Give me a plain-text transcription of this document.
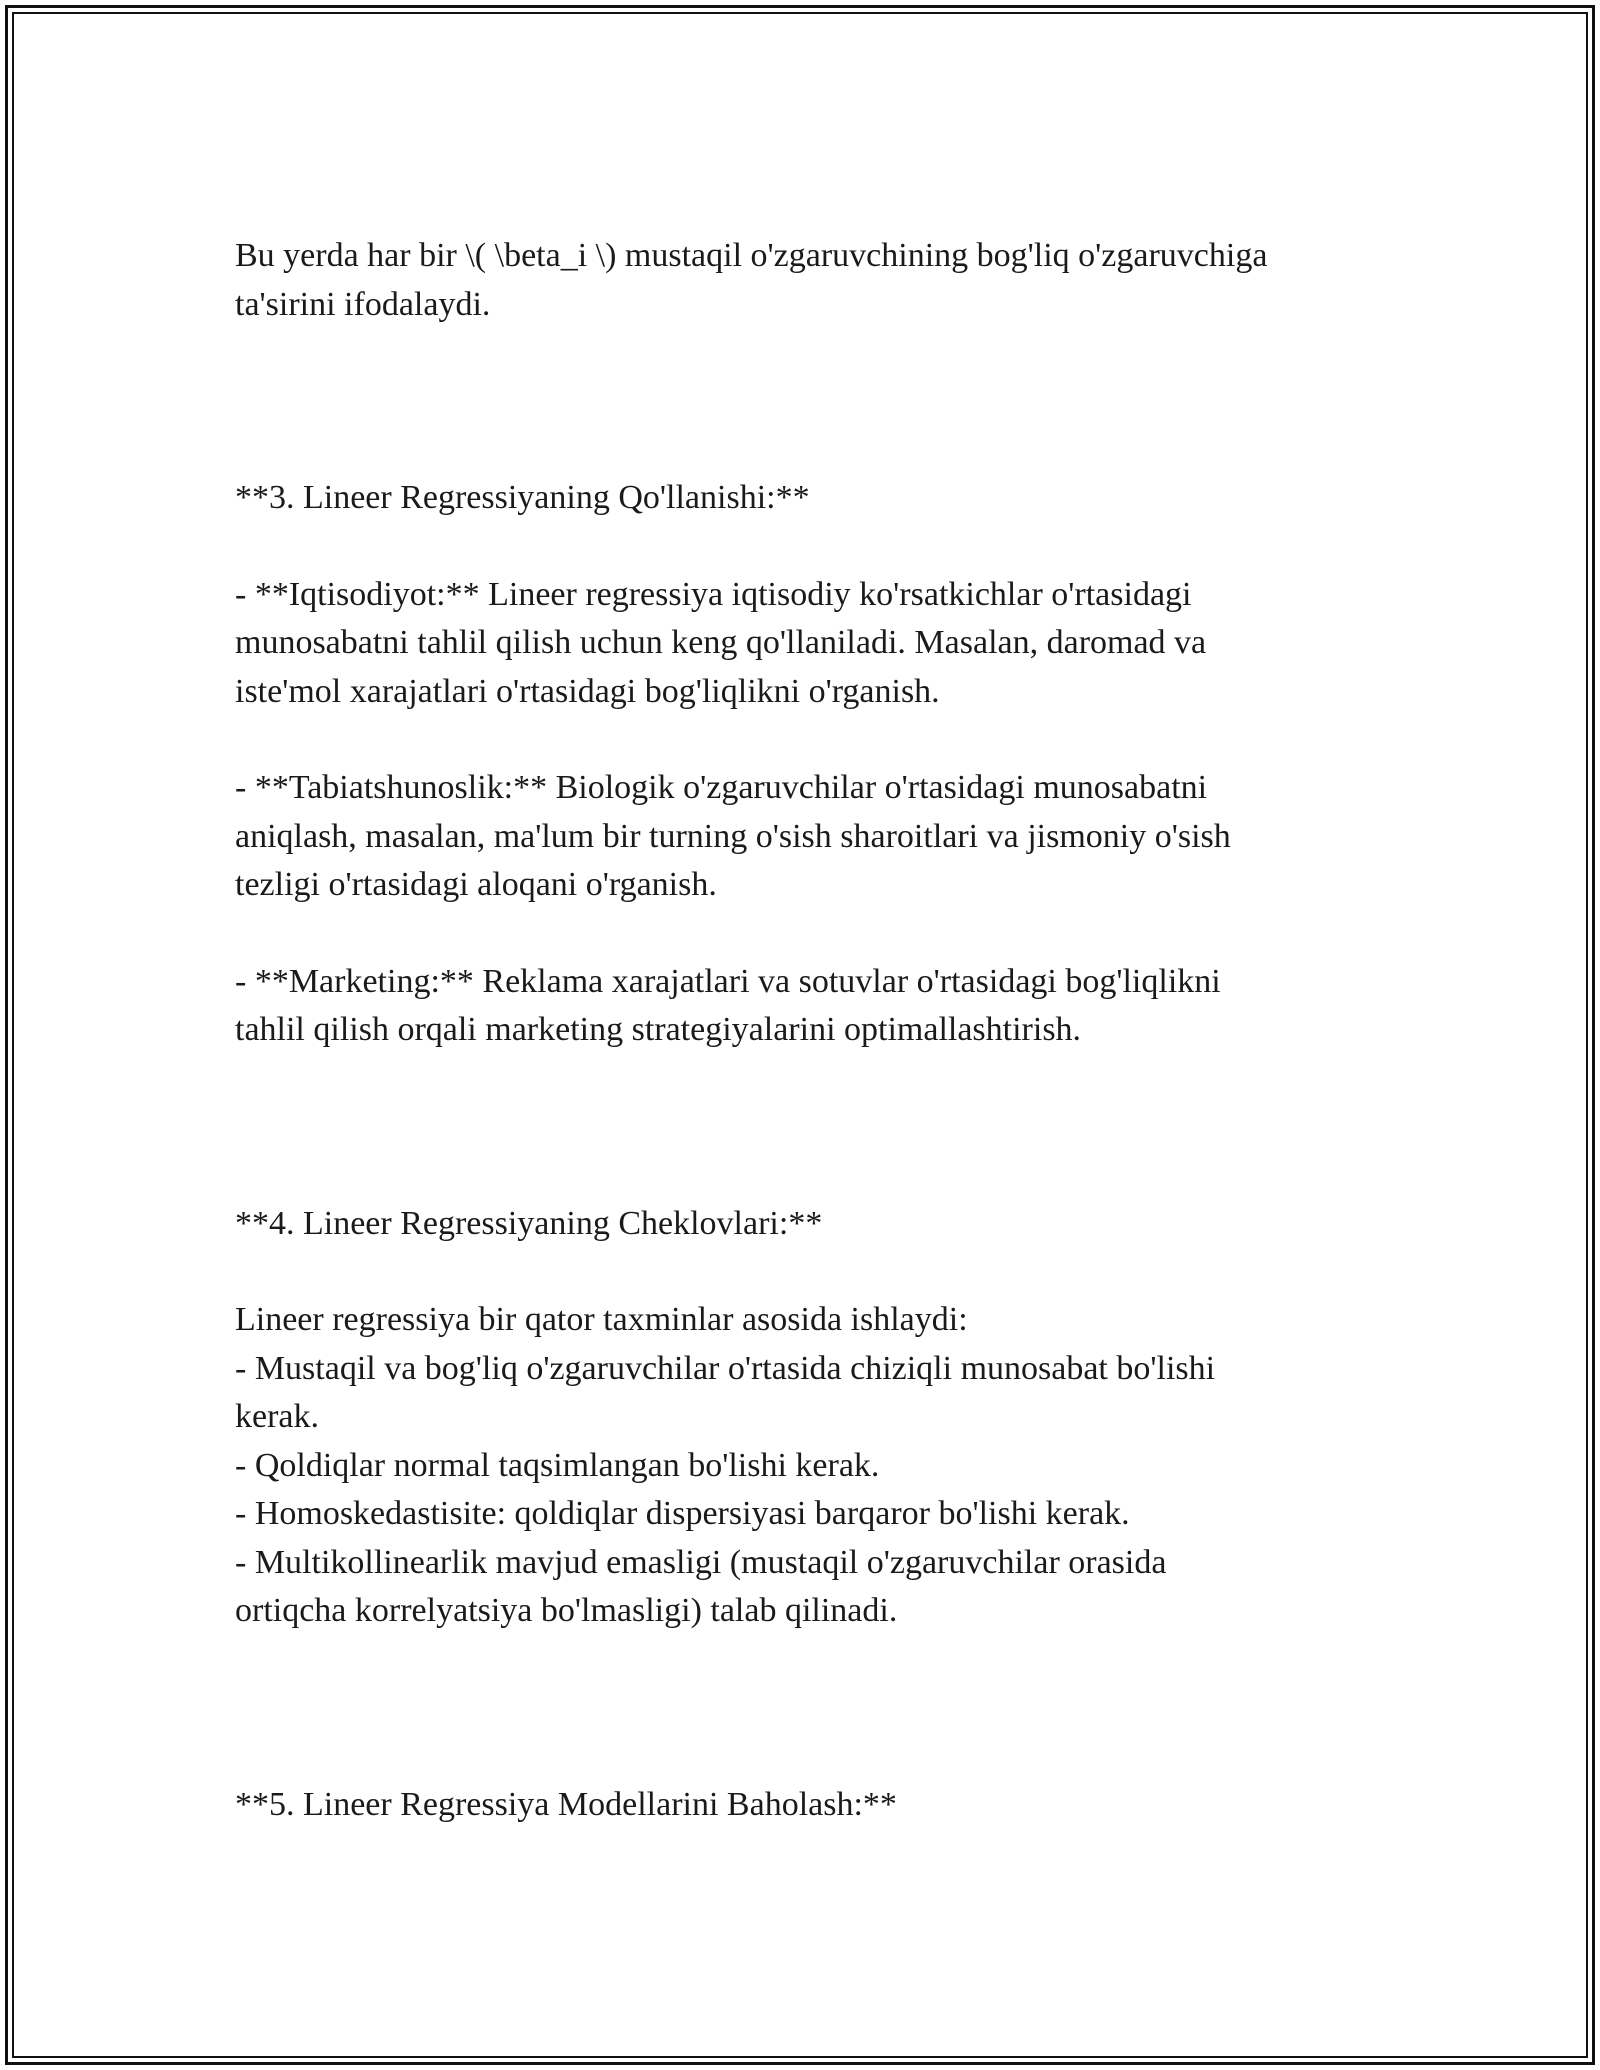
Bu yerda har bir \( \beta_i \) mustaqil o'zgaruvchining bog'liq o'zgaruvchiga
ta'sirini ifodalaydi.

**3. Lineer Regressiyaning Qo'llanishi:**

- **Iqtisodiyot:** Lineer regressiya iqtisodiy ko'rsatkichlar o'rtasidagi
munosabatni tahlil qilish uchun keng qo'llaniladi. Masalan, daromad va
iste'mol xarajatlari o'rtasidagi bog'liqlikni o'rganish.

- **Tabiatshunoslik:** Biologik o'zgaruvchilar o'rtasidagi munosabatni
aniqlash, masalan, ma'lum bir turning o'sish sharoitlari va jismoniy o'sish
tezligi o'rtasidagi aloqani o'rganish.

- **Marketing:** Reklama xarajatlari va sotuvlar o'rtasidagi bog'liqlikni
tahlil qilish orqali marketing strategiyalarini optimallashtirish.

**4. Lineer Regressiyaning Cheklovlari:**

Lineer regressiya bir qator taxminlar asosida ishlaydi:
- Mustaqil va bog'liq o'zgaruvchilar o'rtasida chiziqli munosabat bo'lishi
kerak.
- Qoldiqlar normal taqsimlangan bo'lishi kerak.
- Homoskedastisite: qoldiqlar dispersiyasi barqaror bo'lishi kerak.
- Multikollinearlik mavjud emasligi (mustaqil o'zgaruvchilar orasida
ortiqcha korrelyatsiya bo'lmasligi) talab qilinadi.

**5. Lineer Regressiya Modellarini Baholash:**
